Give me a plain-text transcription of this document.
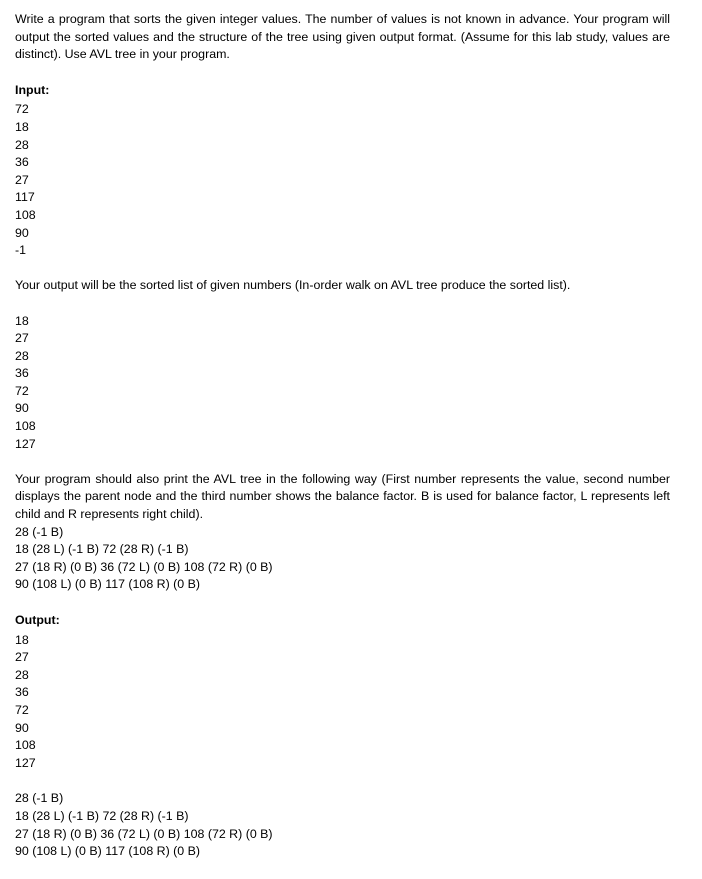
Write a program that sorts the given integer values. The number of values is not known in advance. Your program will output the sorted values and the structure of the tree using given output format. (Assume for this lab study, values are distinct). Use AVL tree in your program.

Input:
72
18
28
36
27
117
108
90
-1

Your output will be the sorted list of given numbers (In-order walk on AVL tree produce the sorted list).

18
27
28
36
72
90
108
127

Your program should also print the AVL tree in the following way (First number represents the value, second number displays the parent node and the third number shows the balance factor. B is used for balance factor, L represents left child and R represents right child).

28 (-1 B)
18 (28 L) (-1 B) 72 (28 R) (-1 B)
27 (18 R) (0 B) 36 (72 L) (0 B) 108 (72 R) (0 B)
90 (108 L) (0 B) 117 (108 R) (0 B)
Output:
18
27
28
36
72
90
108
127
28 (-1 B)
18 (28 L) (-1 B) 72 (28 R) (-1 B)
27 (18 R) (0 B) 36 (72 L) (0 B) 108 (72 R) (0 B)
90 (108 L) (0 B) 117 (108 R) (0 B)
